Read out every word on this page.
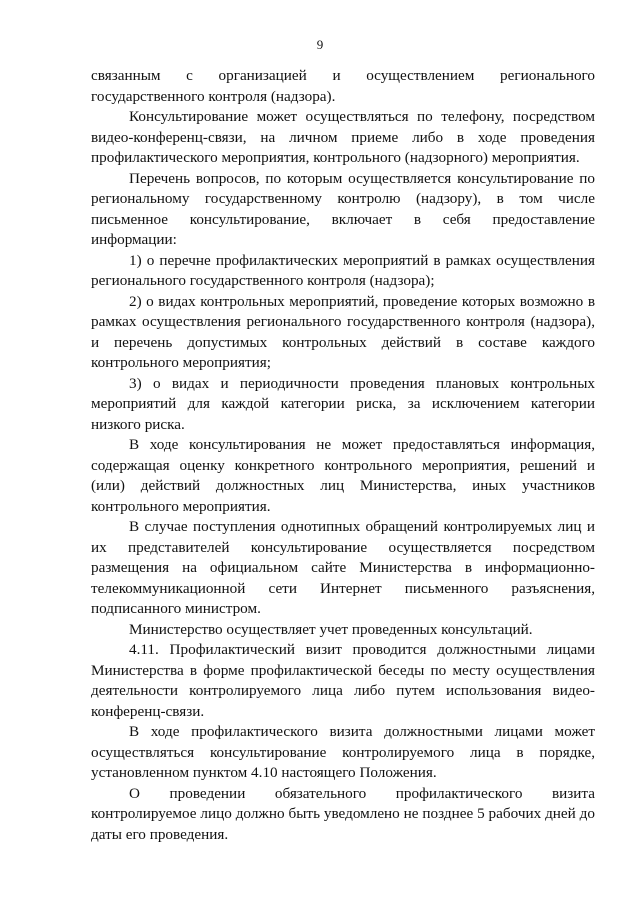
9

связанным с организацией и осуществлением регионального государственного контроля (надзора).

Консультирование может осуществляться по телефону, посредством видео-конференц-связи, на личном приеме либо в ходе проведения профилактического мероприятия, контрольного (надзорного) мероприятия.

Перечень вопросов, по которым осуществляется консультирование по региональному государственному контролю (надзору), в том числе письменное консультирование, включает в себя предоставление информации:

1) о перечне профилактических мероприятий в рамках осуществления регионального государственного контроля (надзора);

2) о видах контрольных мероприятий, проведение которых возможно в рамках осуществления регионального государственного контроля (надзора), и перечень допустимых контрольных действий в составе каждого контрольного мероприятия;

3) о видах и периодичности проведения плановых контрольных мероприятий для каждой категории риска, за исключением категории низкого риска.

В ходе консультирования не может предоставляться информация, содержащая оценку конкретного контрольного мероприятия, решений и (или) действий должностных лиц Министерства, иных участников контрольного мероприятия.

В случае поступления однотипных обращений контролируемых лиц и их представителей консультирование осуществляется посредством размещения на официальном сайте Министерства в информационно-телекоммуникационной сети Интернет письменного разъяснения, подписанного министром.

Министерство осуществляет учет проведенных консультаций.

4.11. Профилактический визит проводится должностными лицами Министерства в форме профилактической беседы по месту осуществления деятельности контролируемого лица либо путем использования видео-конференц-связи.

В ходе профилактического визита должностными лицами может осуществляться консультирование контролируемого лица в порядке, установленном пунктом 4.10 настоящего Положения.

О проведении обязательного профилактического визита контролируемое лицо должно быть уведомлено не позднее 5 рабочих дней до даты его проведения.
